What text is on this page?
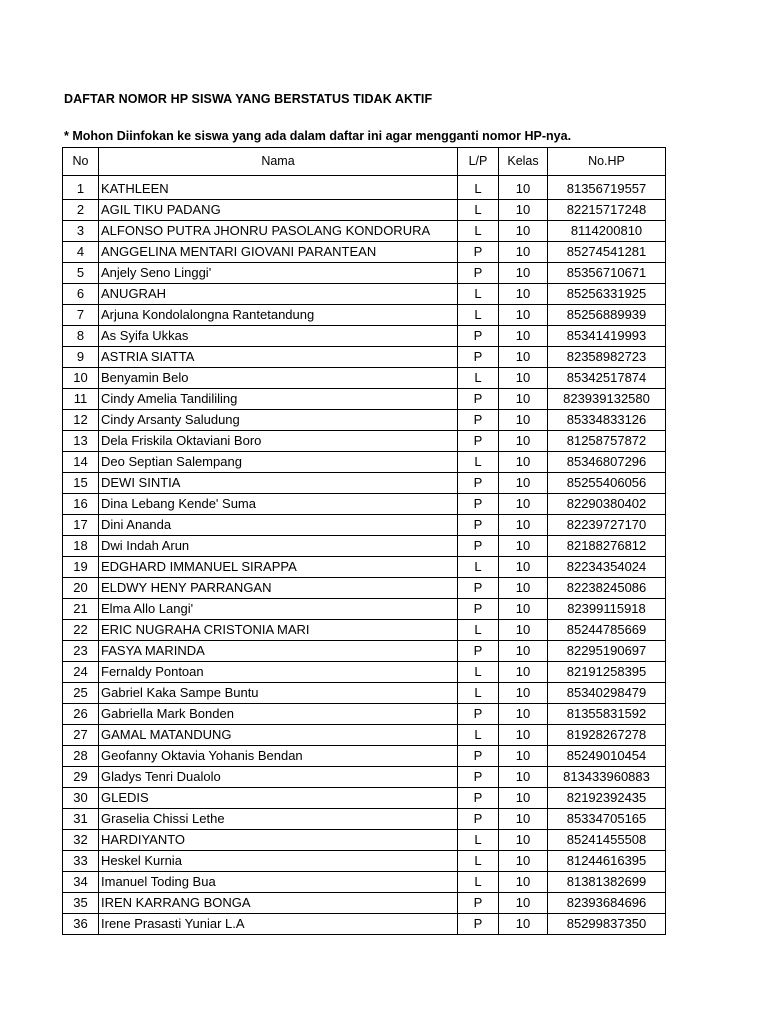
DAFTAR NOMOR HP SISWA YANG BERSTATUS TIDAK AKTIF
* Mohon Diinfokan ke siswa yang ada dalam daftar ini agar mengganti nomor HP-nya.
No	Nama	L/P	Kelas	No.HP
1	KATHLEEN	L	10	81356719557
2	AGIL TIKU PADANG	L	10	82215717248
3	ALFONSO PUTRA JHONRU PASOLANG KONDORURA	L	10	8114200810
4	ANGGELINA MENTARI GIOVANI PARANTEAN	P	10	85274541281
5	Anjely Seno Linggi'	P	10	85356710671
6	ANUGRAH	L	10	85256331925
7	Arjuna Kondolalongna Rantetandung	L	10	85256889939
8	As Syifa Ukkas	P	10	85341419993
9	ASTRIA SIATTA	P	10	82358982723
10	Benyamin Belo	L	10	85342517874
11	Cindy Amelia Tandililing	P	10	823939132580
12	Cindy Arsanty Saludung	P	10	85334833126
13	Dela Friskila Oktaviani Boro	P	10	81258757872
14	Deo Septian Salempang	L	10	85346807296
15	DEWI SINTIA	P	10	85255406056
16	Dina Lebang Kende' Suma	P	10	82290380402
17	Dini Ananda	P	10	82239727170
18	Dwi Indah Arun	P	10	82188276812
19	EDGHARD IMMANUEL SIRAPPA	L	10	82234354024
20	ELDWY HENY PARRANGAN	P	10	82238245086
21	Elma Allo Langi'	P	10	82399115918
22	ERIC NUGRAHA CRISTONIA MARI	L	10	85244785669
23	FASYA MARINDA	P	10	82295190697
24	Fernaldy Pontoan	L	10	82191258395
25	Gabriel Kaka Sampe Buntu	L	10	85340298479
26	Gabriella Mark Bonden	P	10	81355831592
27	GAMAL MATANDUNG	L	10	81928267278
28	Geofanny Oktavia Yohanis Bendan	P	10	85249010454
29	Gladys Tenri Dualolo	P	10	813433960883
30	GLEDIS	P	10	82192392435
31	Graselia Chissi Lethe	P	10	85334705165
32	HARDIYANTO	L	10	85241455508
33	Heskel Kurnia	L	10	81244616395
34	Imanuel Toding Bua	L	10	81381382699
35	IREN KARRANG BONGA	P	10	82393684696
36	Irene Prasasti Yuniar L.A	P	10	85299837350
